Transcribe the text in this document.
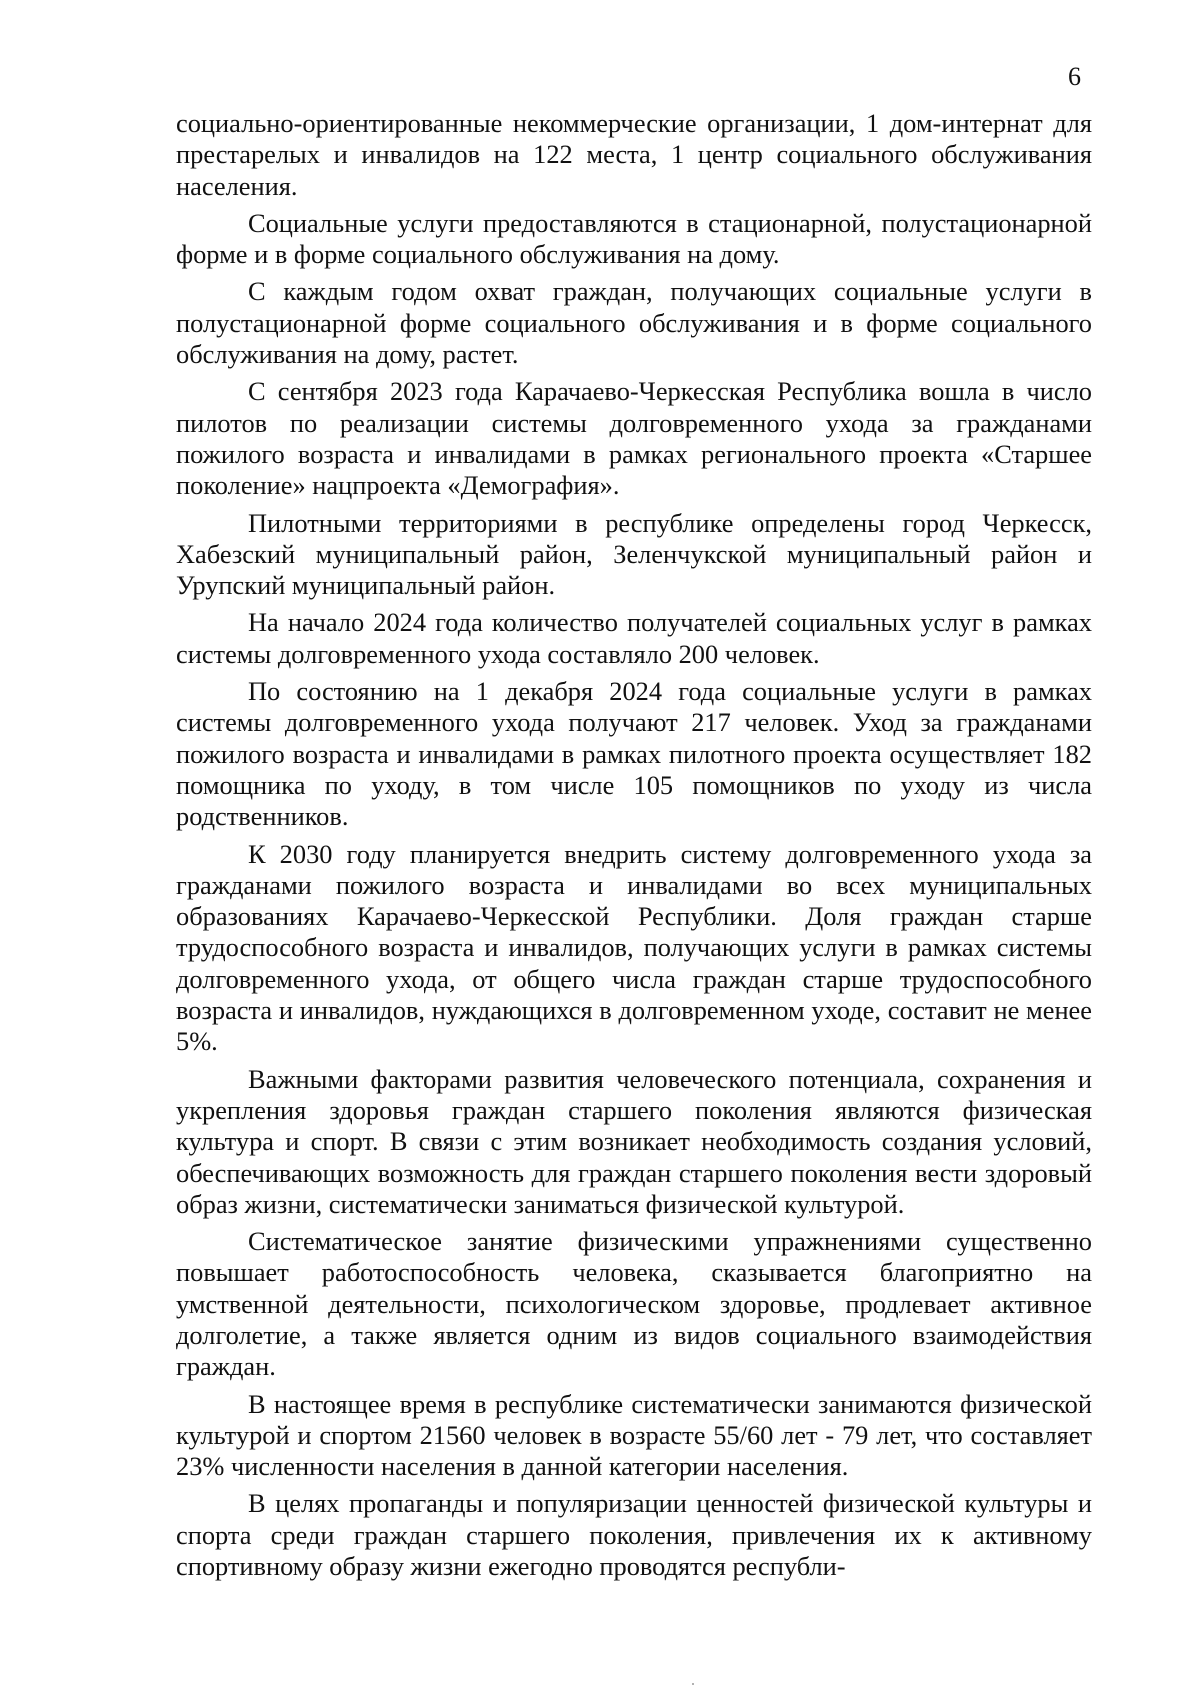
6

социально-ориентированные некоммерческие организации, 1 дом-интернат для престарелых и инвалидов на 122 места, 1 центр социального обслуживания населения.

Социальные услуги предоставляются в стационарной, полустационарной форме и в форме социального обслуживания на дому.

С каждым годом охват граждан, получающих социальные услуги в полустационарной форме социального обслуживания и в форме социального обслуживания на дому, растет.

С сентября 2023 года Карачаево-Черкесская Республика вошла в число пилотов по реализации системы долговременного ухода за гражданами пожилого возраста и инвалидами в рамках регионального проекта «Старшее поколение» нацпроекта «Демография».

Пилотными территориями в республике определены город Черкесск, Хабезский муниципальный район, Зеленчукской муниципальный район и Урупский муниципальный район.

На начало 2024 года количество получателей социальных услуг в рамках системы долговременного ухода составляло 200 человек.

По состоянию на 1 декабря 2024 года социальные услуги в рамках системы долговременного ухода получают 217 человек. Уход за гражданами пожилого возраста и инвалидами в рамках пилотного проекта осуществляет 182 помощника по уходу, в том числе 105 помощников по уходу из числа родственников.

К 2030 году планируется внедрить систему долговременного ухода за гражданами пожилого возраста и инвалидами во всех муниципальных образованиях Карачаево-Черкесской Республики. Доля граждан старше трудоспособного возраста и инвалидов, получающих услуги в рамках системы долговременного ухода, от общего числа граждан старше трудоспособного возраста и инвалидов, нуждающихся в долговременном уходе, составит не менее 5%.

Важными факторами развития человеческого потенциала, сохранения и укрепления здоровья граждан старшего поколения являются физическая культура и спорт. В связи с этим возникает необходимость создания условий, обеспечивающих возможность для граждан старшего поколения вести здоровый образ жизни, систематически заниматься физической культурой.

Систематическое занятие физическими упражнениями существенно повышает работоспособность человека, сказывается благоприятно на умственной деятельности, психологическом здоровье, продлевает активное долголетие, а также является одним из видов социального взаимодействия граждан.

В настоящее время в республике систематически занимаются физической культурой и спортом 21560 человек в возрасте 55/60 лет - 79 лет, что составляет 23% численности населения в данной категории населения.

В целях пропаганды и популяризации ценностей физической культуры и спорта среди граждан старшего поколения, привлечения их к активному спортивному образу жизни ежегодно проводятся республи-
